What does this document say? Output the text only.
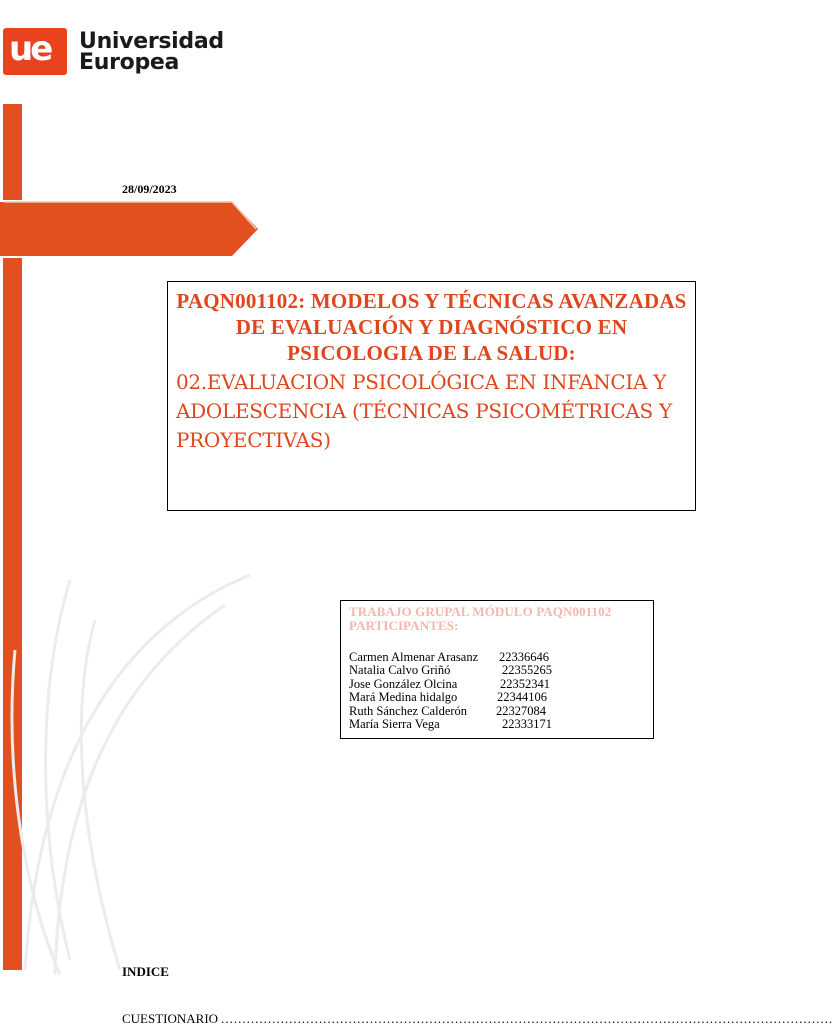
ue Universidad
Europea
28/09/2023
PAQN001102: MODELOS Y TÉCNICAS AVANZADAS DE EVALUACIÓN Y DIAGNÓSTICO EN PSICOLOGIA DE LA SALUD:
02.EVALUACION PSICOLÓGICA EN INFANCIA Y ADOLESCENCIA (TÉCNICAS PSICOMÉTRICAS Y PROYECTIVAS)
TRABAJO GRUPAL MÓDULO PAQN001102
PARTICIPANTES:
Carmen Almenar Arasanz	22336646
Natalia Calvo Griñó	22355265
Jose González Olcina	22352341
Mará Medina hidalgo	22344106
Ruth Sánchez Calderón	22327084
María Sierra Vega	22333171
INDICE
CUESTIONARIO ................................................................................................................................................
